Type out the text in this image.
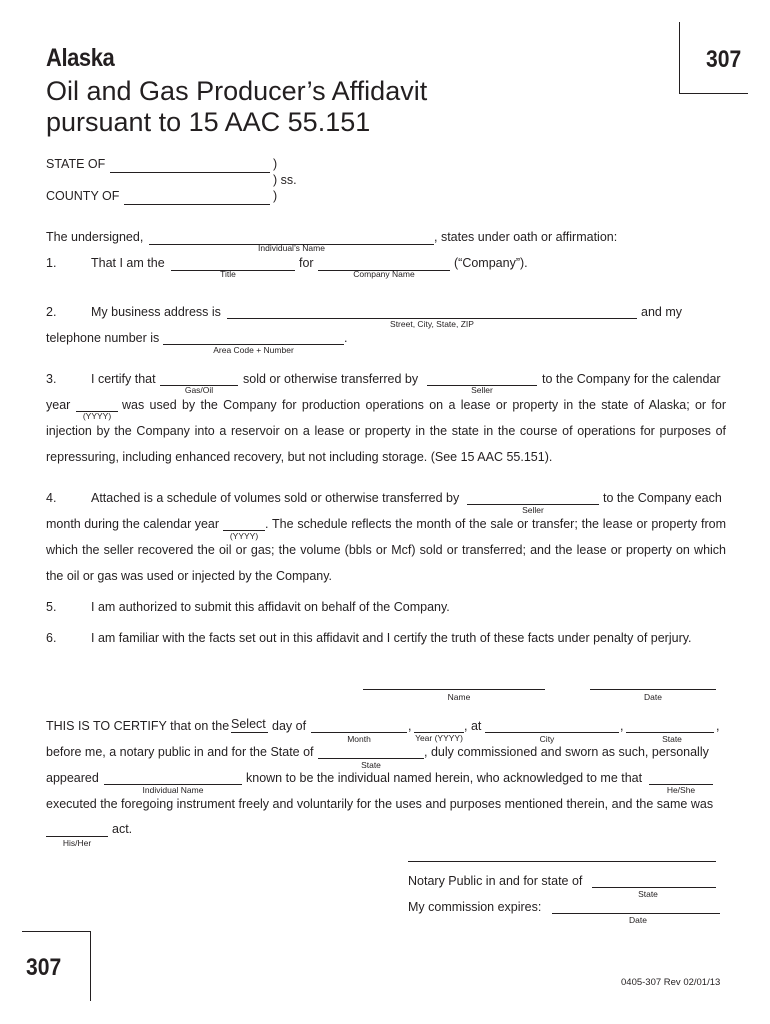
Alaska
Oil and Gas Producer’s Affidavit
pursuant to 15 AAC 55.151
307
STATE OF	)
) ss.
COUNTY OF	)
The undersigned,	, states under oath or affirmation:
Individual’s Name
1.	That I am the	for	(“Company”).
Title	Company Name
2.	My business address is	and my
Street, City, State, ZIP
telephone number is	.
Area Code + Number
3.	I certify that	sold or otherwise transferred by	to the Company for the calendar
Gas/Oil	Seller
year	was used by the Company for production operations on a lease or property in the state of Alaska; or for
(YYYY)
injection by the Company into a reservoir on a lease or property in the state in the course of operations for purposes of
repressuring, including enhanced recovery, but not including storage. (See 15 AAC 55.151).
4.	Attached is a schedule of volumes sold or otherwise transferred by	to the Company each
Seller
month during the calendar year	. The schedule reflects the month of the sale or transfer; the lease or property from
(YYYY)
which the seller recovered the oil or gas; the volume (bbls or Mcf) sold or transferred; and the lease or property on which
the oil or gas was used or injected by the Company.
5.	I am authorized to submit this affidavit on behalf of the Company.
6.	I am familiar with the facts set out in this affidavit and I certify the truth of these facts under penalty of perjury.
Name	Date
THIS IS TO CERTIFY that on the Select day of	,	, at	,	,
Month	Year (YYYY)	City	State
before me, a notary public in and for the State of	, duly commissioned and sworn as such, personally
State
appeared	known to be the individual named herein, who acknowledged to me that
Individual Name	He/She
executed the foregoing instrument freely and voluntarily for the uses and purposes mentioned therein, and the same was
act.
His/Her
Notary Public in and for state of
State
My commission expires:
Date
307
0405-307 Rev 02/01/13
